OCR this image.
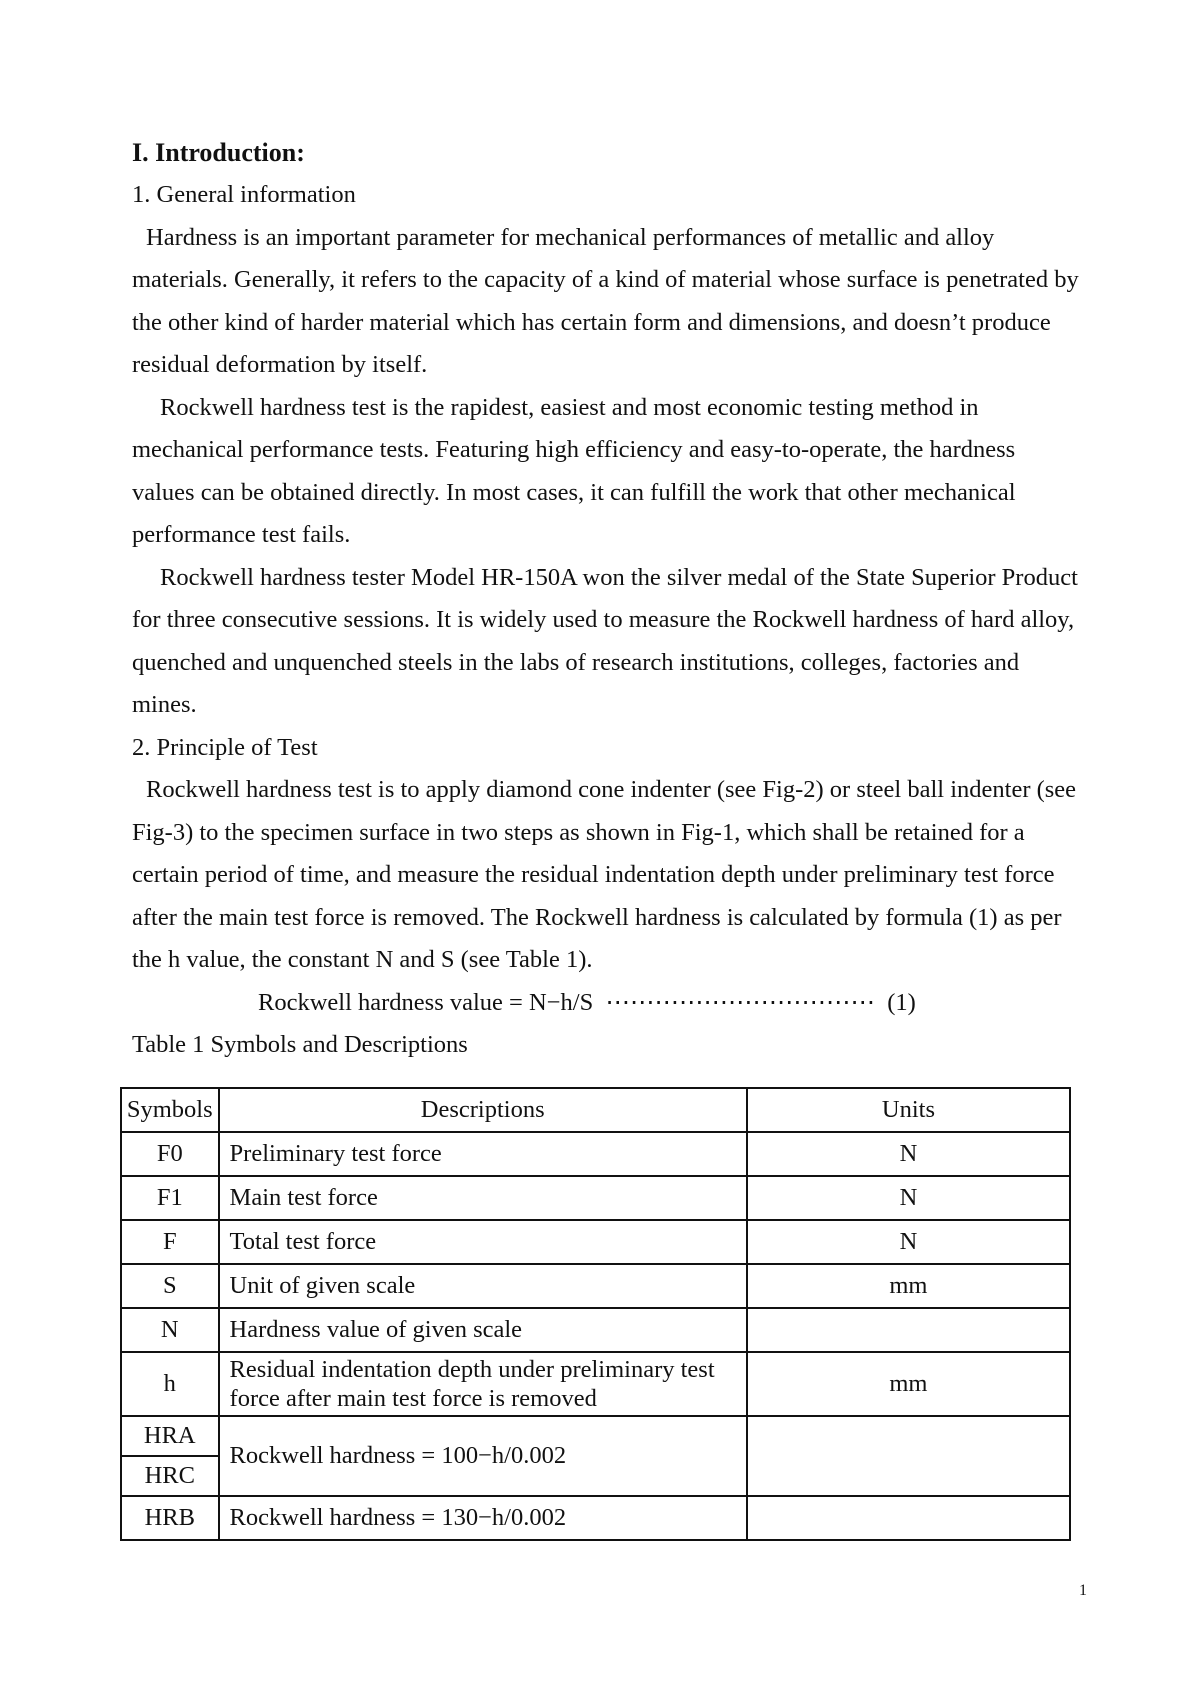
I. Introduction:

1. General information

Hardness is an important parameter for mechanical performances of metallic and alloy materials. Generally, it refers to the capacity of a kind of material whose surface is penetrated by the other kind of harder material which has certain form and dimensions, and doesn’t produce residual deformation by itself.

Rockwell hardness test is the rapidest, easiest and most economic testing method in mechanical performance tests. Featuring high efficiency and easy-to-operate, the hardness values can be obtained directly. In most cases, it can fulfill the work that other mechanical performance test fails.

Rockwell hardness tester Model HR-150A won the silver medal of the State Superior Product for three consecutive sessions. It is widely used to measure the Rockwell hardness of hard alloy, quenched and unquenched steels in the labs of research institutions, colleges, factories and mines.

2. Principle of Test

Rockwell hardness test is to apply diamond cone indenter (see Fig-2) or steel ball indenter (see Fig-3) to the specimen surface in two steps as shown in Fig-1, which shall be retained for a certain period of time, and measure the residual indentation depth under preliminary test force after the main test force is removed. The Rockwell hardness is calculated by formula (1) as per the h value, the constant N and S (see Table 1).

Rockwell hardness value = N−h/S  ⋯⋯⋯⋯⋯⋯⋯⋯⋯⋯⋯  (1)

Table 1 Symbols and Descriptions

Symbols	Descriptions	Units
F0	Preliminary test force	N
F1	Main test force	N
F	Total test force	N
S	Unit of given scale	mm
N	Hardness value of given scale	
h	Residual indentation depth under preliminary test force after main test force is removed	mm
HRA	Rockwell hardness = 100−h/0.002	
HRC		
HRB	Rockwell hardness = 130−h/0.002	
1
